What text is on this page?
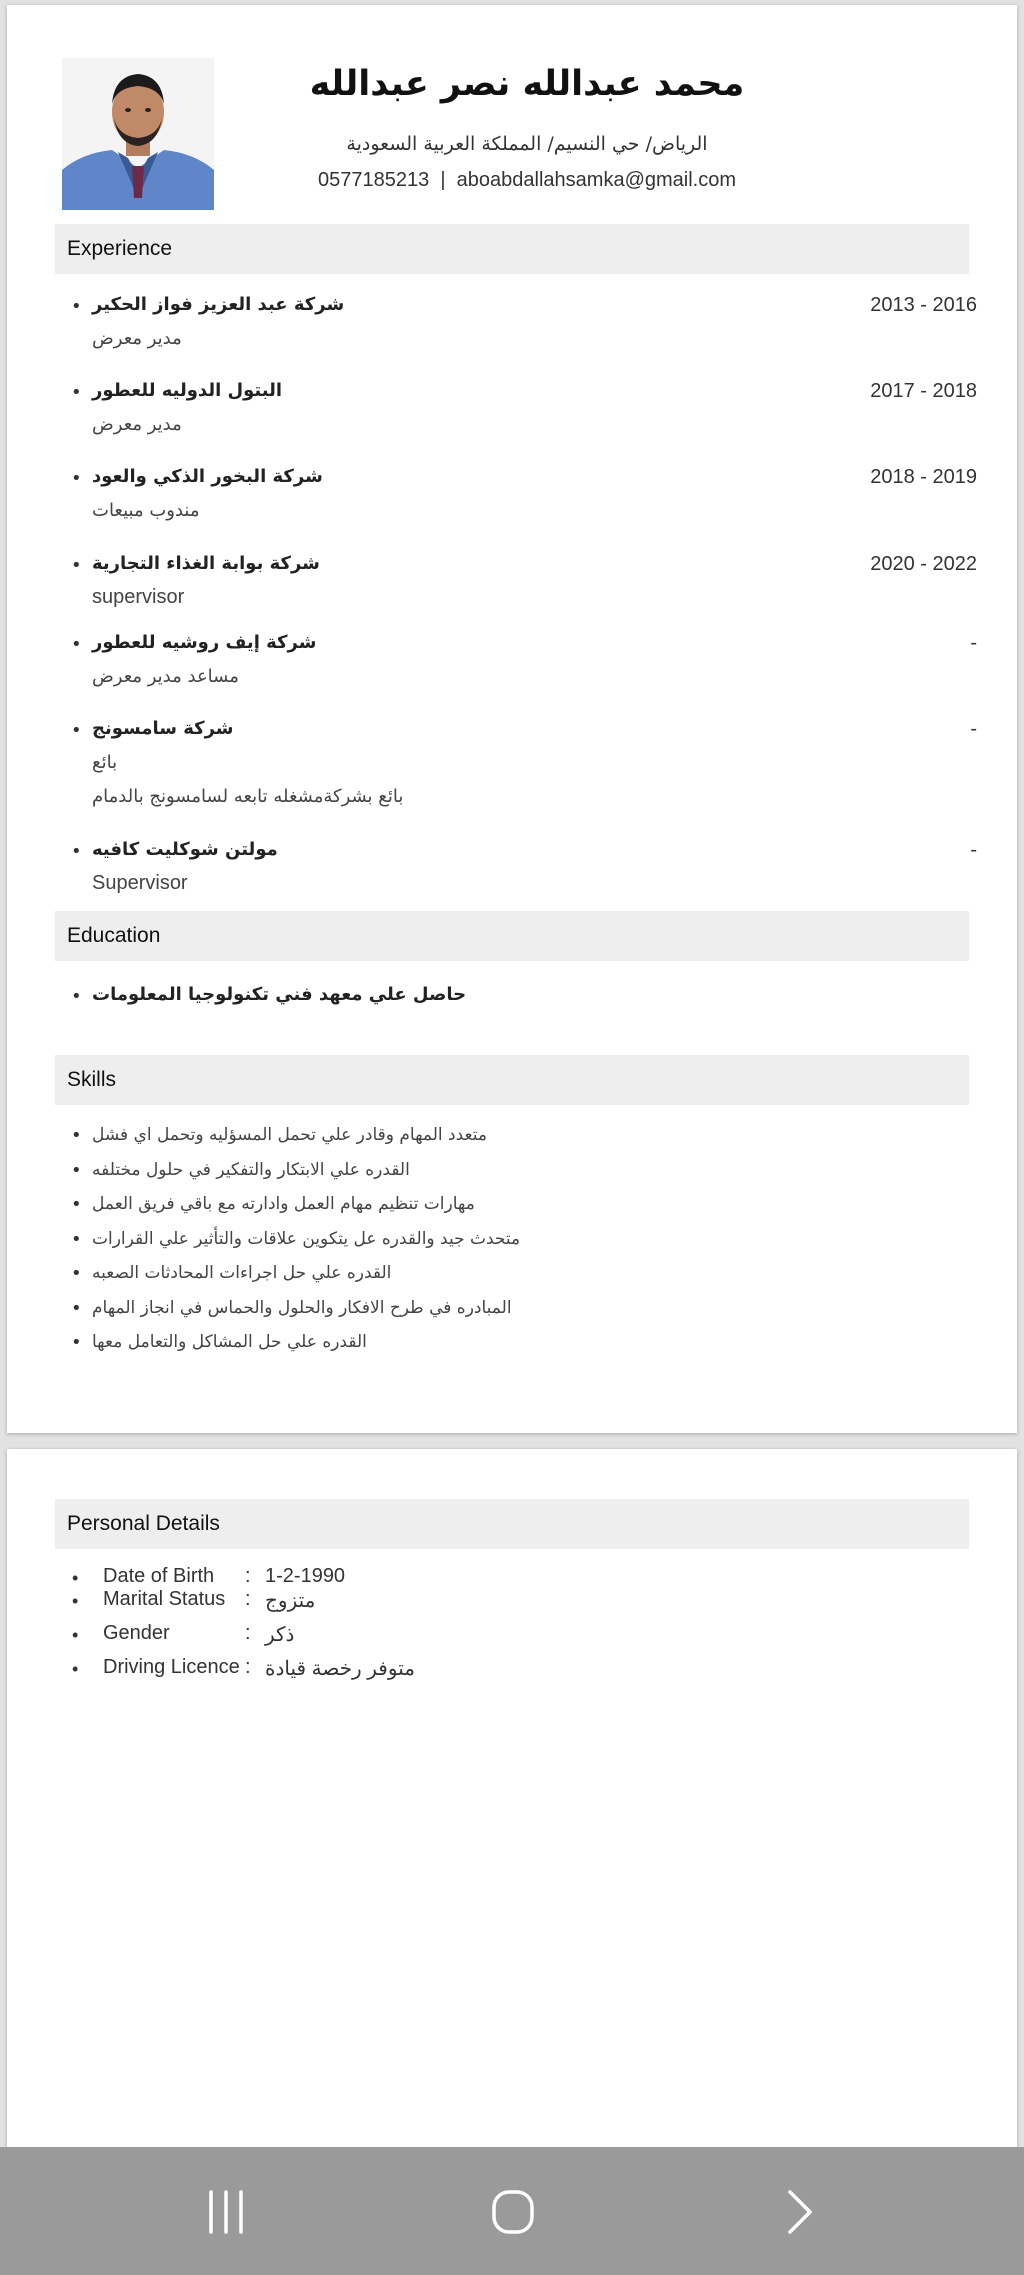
محمد عبدالله نصر عبدالله
الرياض/ حي النسيم/ المملكة العربية السعودية
0577185213 | aboabdallahsamka@gmail.com
Experience
• شركة عبد العزيز فواز الحكير	2013 - 2016
مدير معرض
• البتول الدوليه للعطور	2017 - 2018
مدير معرض
• شركة البخور الذكي والعود	2018 - 2019
مندوب مبيعات
• شركة بوابة الغذاء التجارية	2020 - 2022
supervisor
• شركة إيف روشيه للعطور	-
مساعد مدير معرض
• شركة سامسونج	-
بائع
بائع بشركةمشغله تابعه لسامسونج بالدمام
• مولتن شوكليت كافيه	-
Supervisor
Education
• حاصل علي معهد فني تكنولوجيا المعلومات
Skills
• متعدد المهام وقادر علي تحمل المسؤليه وتحمل اي فشل
• القدره علي الابتكار والتفكير في حلول مختلفه
• مهارات تنظيم مهام العمل وادارته مع باقي فريق العمل
• متحدث جيد والقدره عل يتكوين علاقات والتأثير علي القرارات
• القدره علي حل اجراءات المحادثات الصعبه
• المبادره في طرح الافكار والحلول والحماس في انجاز المهام
• القدره علي حل المشاكل والتعامل معها
Personal Details
• Date of Birth : 1-2-1990
• Marital Status : متزوج
• Gender	: ذكر
• Driving Licence : متوفر رخصة قيادة
